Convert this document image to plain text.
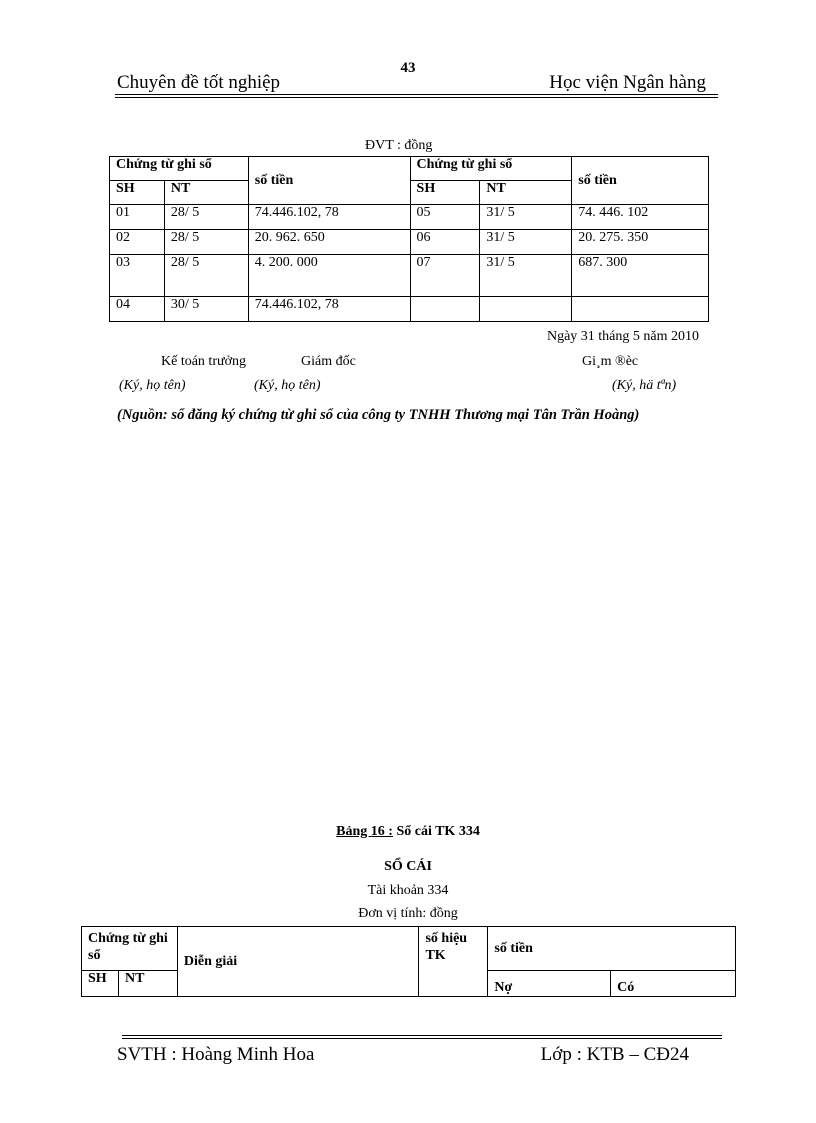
43
Chuyên đề tốt nghiệp	Học viện Ngân hàng
ĐVT : đồng
Chứng từ ghi sổ		số tiền	Chứng từ ghi sổ		số tiền
SH	NT		SH	NT	
01	28/ 5	74.446.102, 78	05	31/ 5	74. 446. 102
02	28/ 5	20. 962. 650	06	31/ 5	20. 275. 350
03	28/ 5	4. 200. 000	07	31/ 5	687. 300
04	30/ 5	74.446.102, 78			
Ngày 31 tháng 5 năm 2010
Kế toán trưởng	Giám đốc	Gi¸m ®èc
(Ký, họ tên)	(Ký, họ tên)	(Ký, hä tªn)
(Nguồn: sổ đăng ký chứng từ ghi sổ của công ty TNHH Thương mại Tân Trần Hoàng)
Bảng 16 : Sổ cái TK 334
SỔ CÁI
Tài khoản 334
Đơn vị tính: đồng
Chứng từ ghi sổ		Diễn giải	số hiệu TK	số tiền	
SH	NT			Nợ	Có
SVTH : Hoàng Minh Hoa	Lớp : KTB – CĐ24
